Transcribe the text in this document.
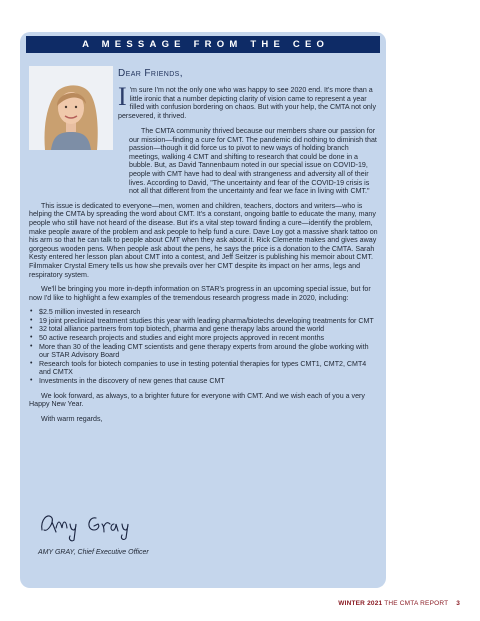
A MESSAGE FROM THE CEO
Dear Friends,
I 'm sure I'm not the only one who was happy to see 2020 end. It's more than a little ironic that a number depicting clarity of vision came to represent a year filled with confusion bordering on chaos. But with your help, the CMTA not only persevered, it thrived.

The CMTA community thrived because our members share our passion for our mission—finding a cure for CMT. The pandemic did nothing to diminish that passion—though it did force us to pivot to new ways of holding branch meetings, walking 4 CMT and shifting to research that could be done in a bubble. But, as David Tannenbaum noted in our special issue on COVID-19, people with CMT have had to deal with strangeness and adversity all of their lives. According to David, "The uncertainty and fear of the COVID-19 crisis is not all that different from the uncertainty and fear we face in living with CMT."

This issue is dedicated to everyone—men, women and children, teachers, doctors and writers—who is helping the CMTA by spreading the word about CMT. It's a constant, ongoing battle to educate the many, many people who still have not heard of the disease. But it's a vital step toward finding a cure—identify the problem, make people aware of the problem and ask people to help fund a cure. Dave Loy got a massive shark tattoo on his arm so that he can talk to people about CMT when they ask about it. Rick Clemente makes and gives away gorgeous wooden pens. When people ask about the pens, he says the price is a donation to the CMTA. Sarah Kesty entered her lesson plan about CMT into a contest, and Jeff Seitzer is publishing his memoir about CMT. Filmmaker Crystal Emery tells us how she prevails over her CMT despite its impact on her arms, legs and respiratory system.

We'll be bringing you more in-depth information on STAR's progress in an upcoming special issue, but for now I'd like to highlight a few examples of the tremendous research progress made in 2020, including:

• $2.5 million invested in research
• 19 joint preclinical treatment studies this year with leading pharma/biotechs developing treatments for CMT
• 32 total alliance partners from top biotech, pharma and gene therapy labs around the world
• 50 active research projects and studies and eight more projects approved in recent months
• More than 30 of the leading CMT scientists and gene therapy experts from around the globe working with our STAR Advisory Board
• Research tools for biotech companies to use in testing potential therapies for types CMT1, CMT2, CMT4 and CMTX
• Investments in the discovery of new genes that cause CMT

We look forward, as always, to a brighter future for everyone with CMT. And we wish each of you a very Happy New Year.

With warm regards,

AMY GRAY, Chief Executive Officer
WINTER 2021 THE CMTA REPORT 3
